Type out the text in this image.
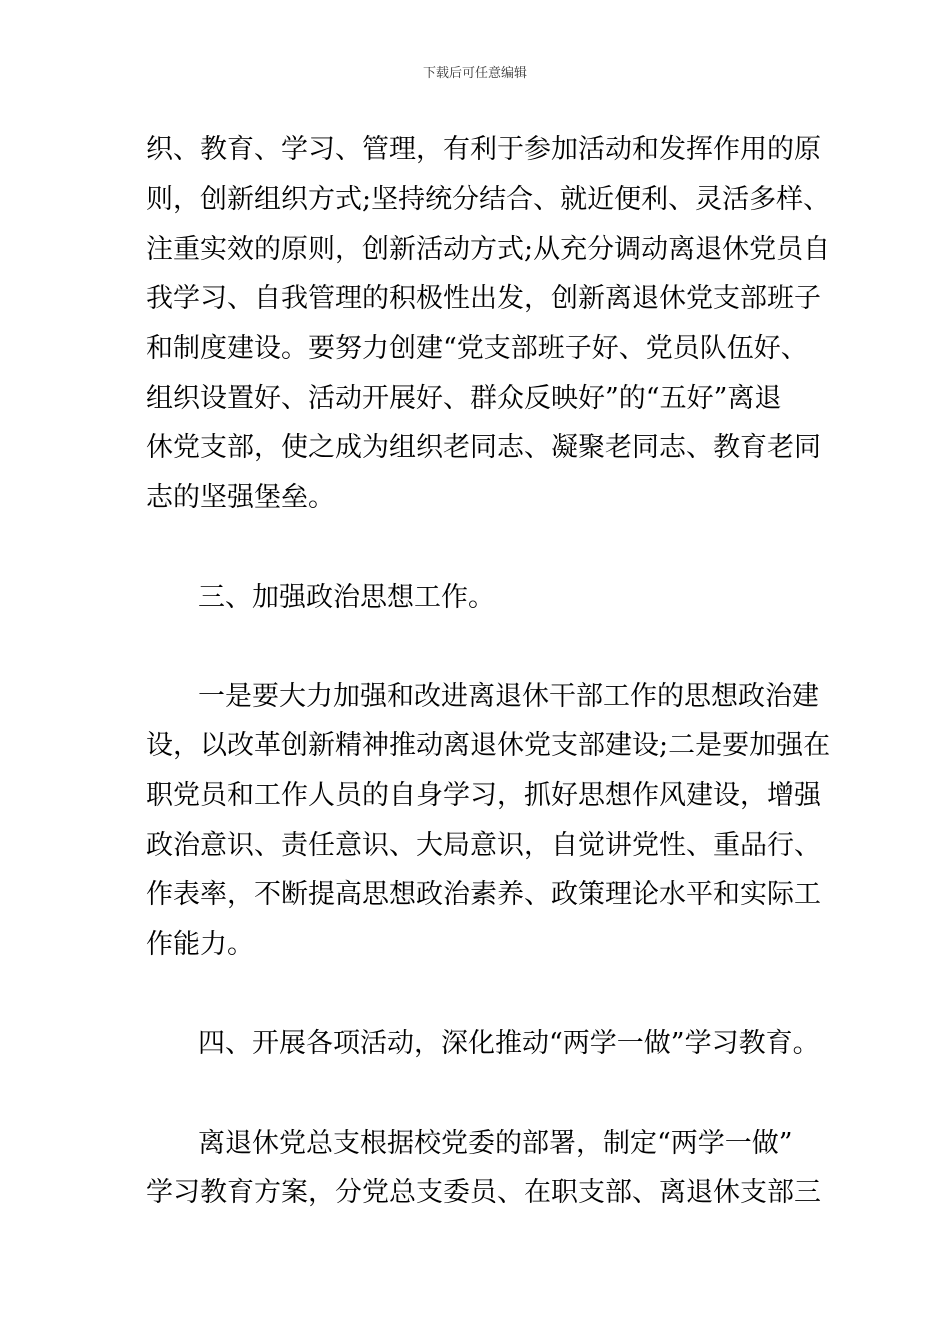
下载后可任意编辑
织、教育、学习、管理，有利于参加活动和发挥作用的原
则，创新组织方式;坚持统分结合、就近便利、灵活多样、
注重实效的原则，创新活动方式;从充分调动离退休党员自
我学习、自我管理的积极性出发，创新离退休党支部班子
和制度建设。要努力创建“党支部班子好、党员队伍好、
组织设置好、活动开展好、群众反映好”的“五好”离退
休党支部，使之成为组织老同志、凝聚老同志、教育老同
志的坚强堡垒。
三、加强政治思想工作。
一是要大力加强和改进离退休干部工作的思想政治建
设，以改革创新精神推动离退休党支部建设;二是要加强在
职党员和工作人员的自身学习，抓好思想作风建设，增强
政治意识、责任意识、大局意识，自觉讲党性、重品行、
作表率，不断提高思想政治素养、政策理论水平和实际工
作能力。
四、开展各项活动，深化推动“两学一做”学习教育。
离退休党总支根据校党委的部署，制定“两学一做”
学习教育方案，分党总支委员、在职支部、离退休支部三
